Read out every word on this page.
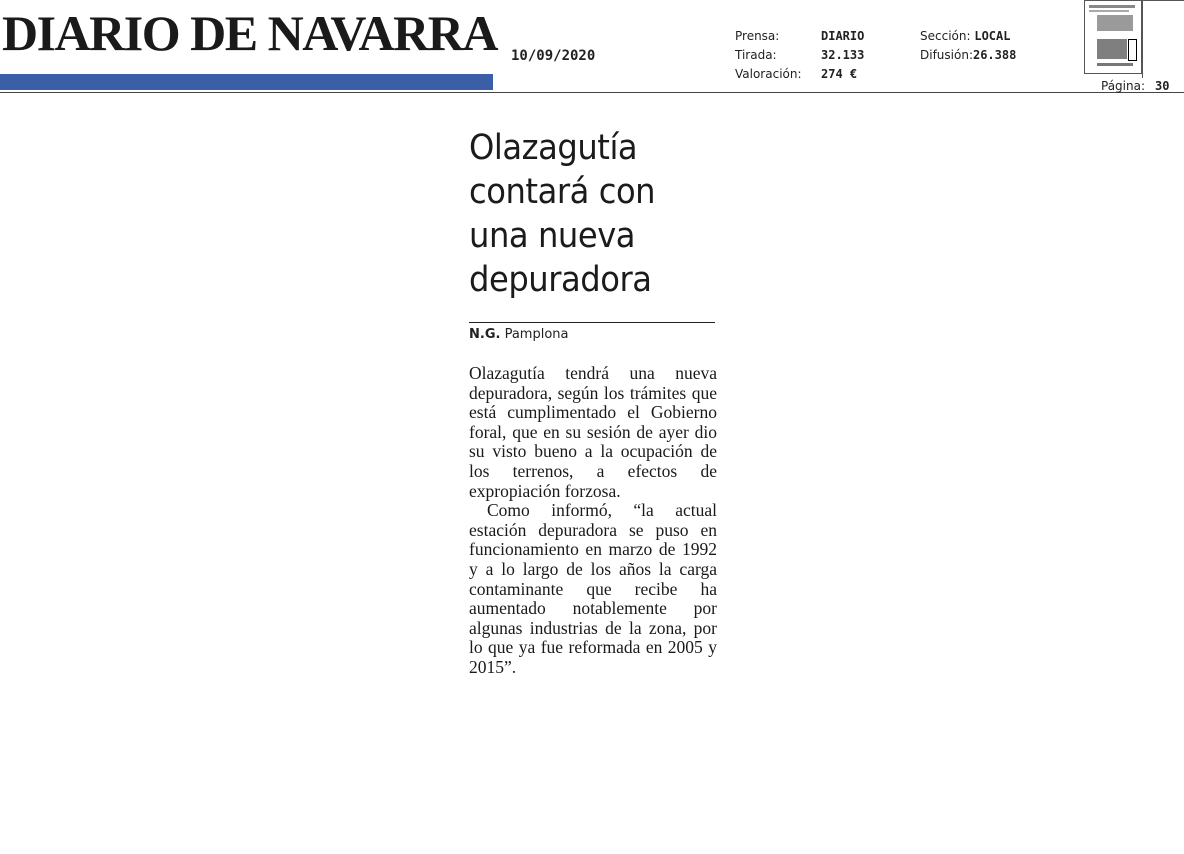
DIARIO DE NAVARRA 10/09/2020
Prensa:	DIARIO
Tirada:	32.133
Valoración: 274 €
Sección: LOCAL
Difusión:26.388
Página: 30
Olazagutía contará con una nueva depuradora
N.G. Pamplona

Olazagutía tendrá una nueva depuradora, según los trámites que está cumplimentado el Gobierno foral, que en su sesión de ayer dio su visto bueno a la ocupación de los terrenos, a efectos de expropiación forzosa.

Como informó, “la actual estación depuradora se puso en funcionamiento en marzo de 1992 y a lo largo de los años la carga contaminante que recibe ha aumentado notablemente por algunas industrias de la zona, por lo que ya fue reformada en 2005 y 2015”.
